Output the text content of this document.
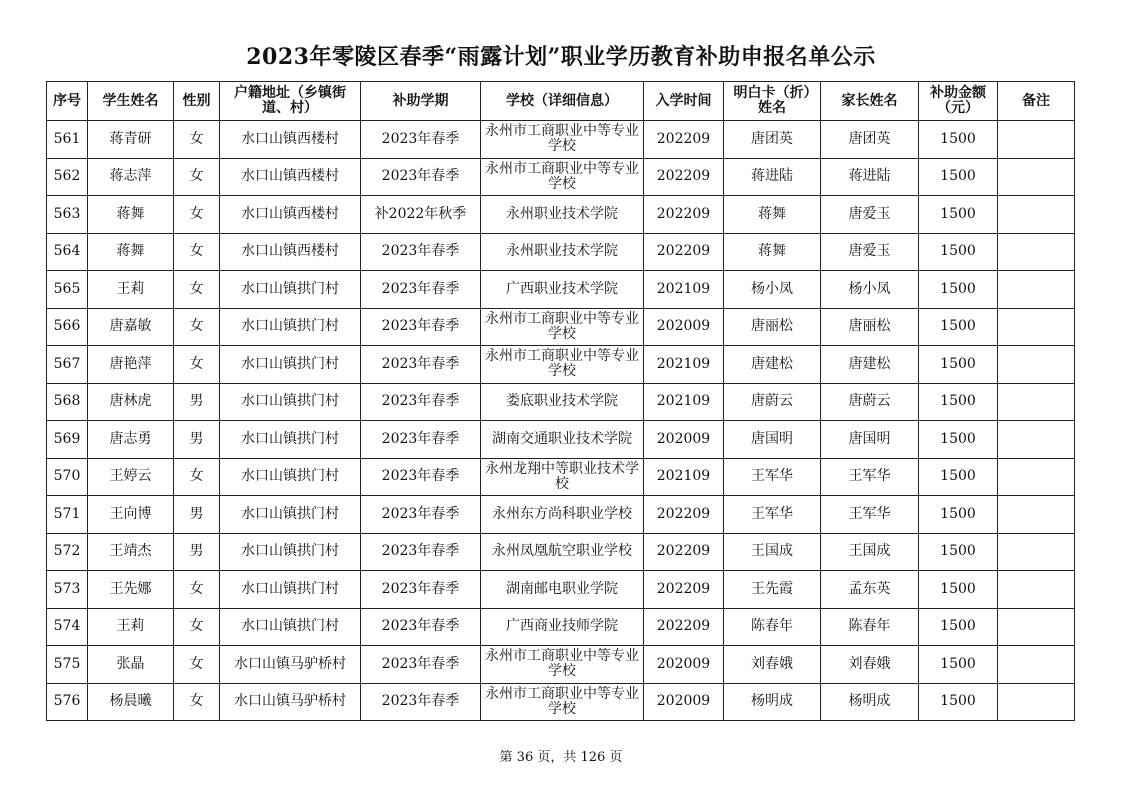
2023年零陵区春季“雨露计划”职业学历教育补助申报名单公示
序号	学生姓名	性别	户籍地址（乡镇街道、村）	补助学期	学校（详细信息）	入学时间	明白卡（折）姓名	家长姓名	补助金额（元）	备注
561	蒋青研	女	水口山镇西楼村	2023年春季	永州市工商职业中等专业学校	202209	唐团英	唐团英	1500	
562	蒋志萍	女	水口山镇西楼村	2023年春季	永州市工商职业中等专业学校	202209	蒋进陆	蒋进陆	1500	
563	蒋舞	女	水口山镇西楼村	补2022年秋季	永州职业技术学院	202209	蒋舞	唐爱玉	1500	
564	蒋舞	女	水口山镇西楼村	2023年春季	永州职业技术学院	202209	蒋舞	唐爱玉	1500	
565	王莉	女	水口山镇拱门村	2023年春季	广西职业技术学院	202109	杨小凤	杨小凤	1500	
566	唐嘉敏	女	水口山镇拱门村	2023年春季	永州市工商职业中等专业学校	202009	唐丽松	唐丽松	1500	
567	唐艳萍	女	水口山镇拱门村	2023年春季	永州市工商职业中等专业学校	202109	唐建松	唐建松	1500	
568	唐林虎	男	水口山镇拱门村	2023年春季	娄底职业技术学院	202109	唐蔚云	唐蔚云	1500	
569	唐志勇	男	水口山镇拱门村	2023年春季	湖南交通职业技术学院	202009	唐国明	唐国明	1500	
570	王婷云	女	水口山镇拱门村	2023年春季	永州龙翔中等职业技术学校	202109	王军华	王军华	1500	
571	王向博	男	水口山镇拱门村	2023年春季	永州东方尚科职业学校	202209	王军华	王军华	1500	
572	王靖杰	男	水口山镇拱门村	2023年春季	永州凤凰航空职业学校	202209	王国成	王国成	1500	
573	王先娜	女	水口山镇拱门村	2023年春季	湖南邮电职业学院	202209	王先霞	孟东英	1500	
574	王莉	女	水口山镇拱门村	2023年春季	广西商业技师学院	202209	陈春年	陈春年	1500	
575	张晶	女	水口山镇马驴桥村	2023年春季	永州市工商职业中等专业学校	202009	刘春娥	刘春娥	1500	
576	杨晨曦	女	水口山镇马驴桥村	2023年春季	永州市工商职业中等专业学校	202009	杨明成	杨明成	1500	
第 36 页，共 126 页
